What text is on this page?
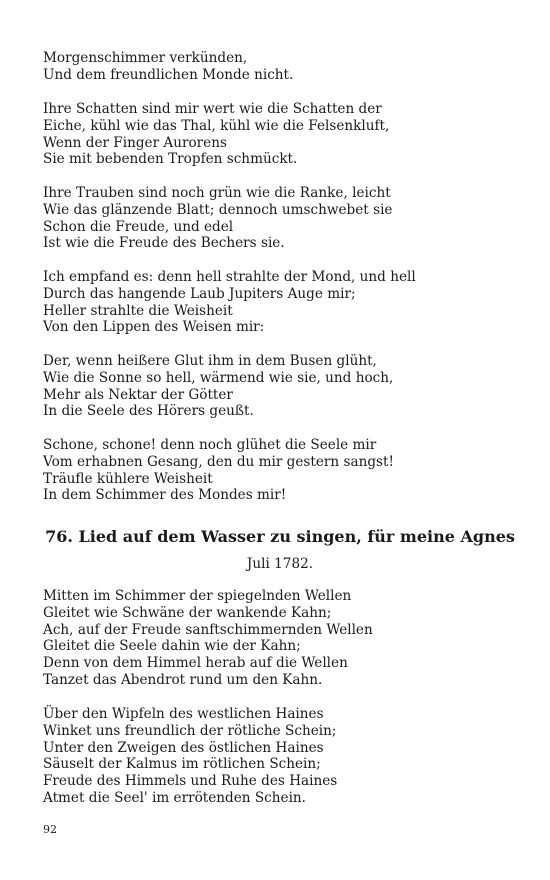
Morgenschimmer verkünden,
Und dem freundlichen Monde nicht.
Ihre Schatten sind mir wert wie die Schatten der
Eiche, kühl wie das Thal, kühl wie die Felsenkluft,
Wenn der Finger Aurorens
Sie mit bebenden Tropfen schmückt.
Ihre Trauben sind noch grün wie die Ranke, leicht
Wie das glänzende Blatt; dennoch umschwebet sie
Schon die Freude, und edel
Ist wie die Freude des Bechers sie.
Ich empfand es: denn hell strahlte der Mond, und hell
Durch das hangende Laub Jupiters Auge mir;
Heller strahlte die Weisheit
Von den Lippen des Weisen mir:
Der, wenn heißere Glut ihm in dem Busen glüht,
Wie die Sonne so hell, wärmend wie sie, und hoch,
Mehr als Nektar der Götter
In die Seele des Hörers geußt.
Schone, schone! denn noch glühet die Seele mir
Vom erhabnen Gesang, den du mir gestern sangst!
Träufle kühlere Weisheit
In dem Schimmer des Mondes mir!
76. Lied auf dem Wasser zu singen, für meine Agnes
Juli 1782.
Mitten im Schimmer der spiegelnden Wellen
Gleitet wie Schwäne der wankende Kahn;
Ach, auf der Freude sanftschimmernden Wellen
Gleitet die Seele dahin wie der Kahn;
Denn von dem Himmel herab auf die Wellen
Tanzet das Abendrot rund um den Kahn.
Über den Wipfeln des westlichen Haines
Winket uns freundlich der rötliche Schein;
Unter den Zweigen des östlichen Haines
Säuselt der Kalmus im rötlichen Schein;
Freude des Himmels und Ruhe des Haines
Atmet die Seel' im errötenden Schein.
92
